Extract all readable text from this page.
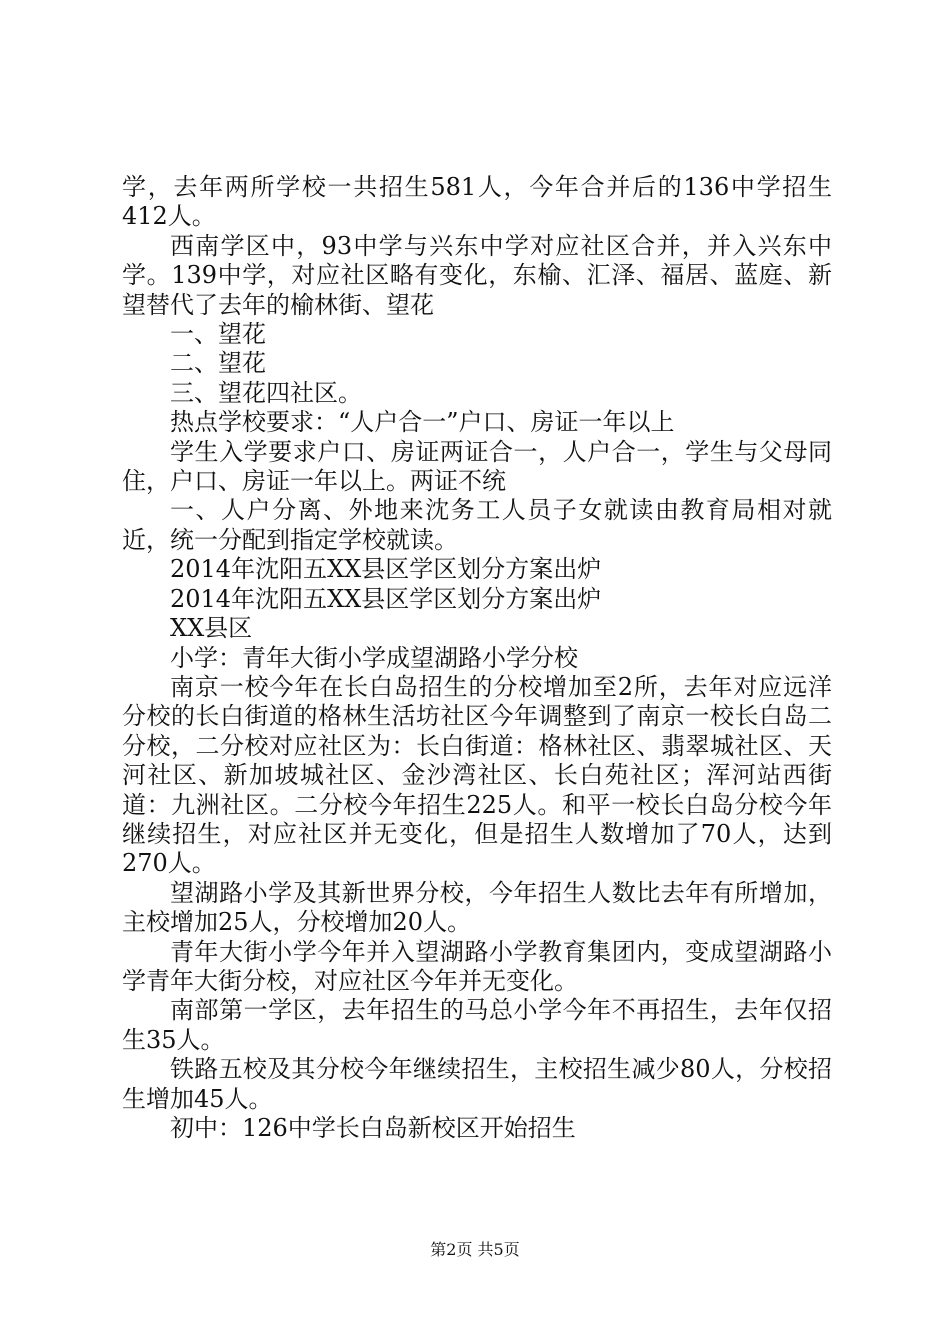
学，去年两所学校一共招生581人，今年合并后的136中学招生412人。

西南学区中，93中学与兴东中学对应社区合并，并入兴东中学。139中学，对应社区略有变化，东榆、汇泽、福居、蓝庭、新望替代了去年的榆林街、望花

一、望花

二、望花

三、望花四社区。

热点学校要求：“人户合一”户口、房证一年以上

学生入学要求户口、房证两证合一，人户合一，学生与父母同住，户口、房证一年以上。两证不统

一、人户分离、外地来沈务工人员子女就读由教育局相对就近，统一分配到指定学校就读。

2014年沈阳五XX县区学区划分方案出炉

2014年沈阳五XX县区学区划分方案出炉

XX县区

小学：青年大街小学成望湖路小学分校

南京一校今年在长白岛招生的分校增加至2所，去年对应远洋分校的长白街道的格林生活坊社区今年调整到了南京一校长白岛二分校，二分校对应社区为：长白街道：格林社区、翡翠城社区、天河社区、新加坡城社区、金沙湾社区、长白苑社区；浑河站西街道：九洲社区。二分校今年招生225人。和平一校长白岛分校今年继续招生，对应社区并无变化，但是招生人数增加了70人，达到270人。

望湖路小学及其新世界分校，今年招生人数比去年有所增加，主校增加25人，分校增加20人。

青年大街小学今年并入望湖路小学教育集团内，变成望湖路小学青年大街分校，对应社区今年并无变化。

南部第一学区，去年招生的马总小学今年不再招生，去年仅招生35人。

铁路五校及其分校今年继续招生，主校招生减少80人，分校招生增加45人。

初中：126中学长白岛新校区开始招生

第2页 共5页
